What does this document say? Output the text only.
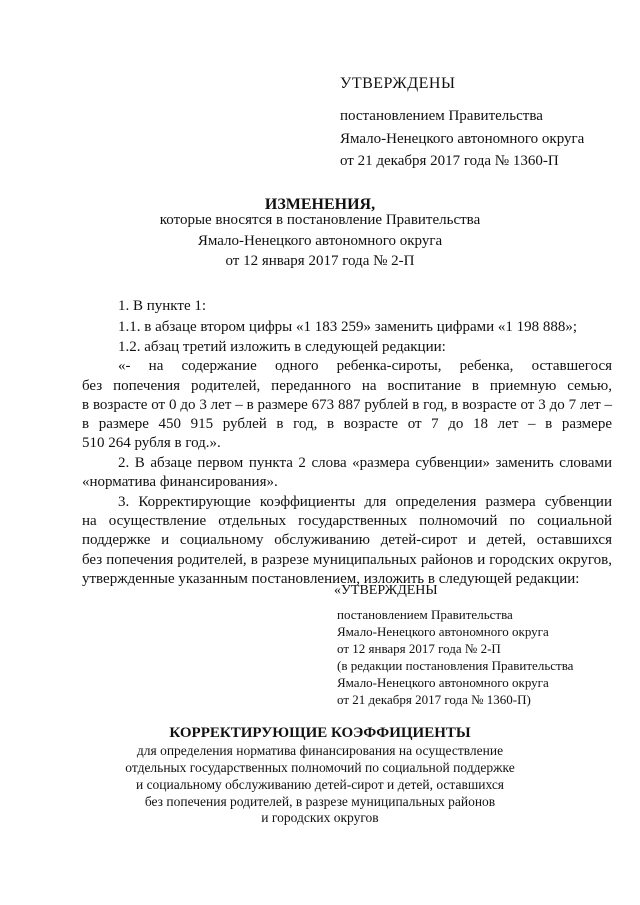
УТВЕРЖДЕНЫ
постановлением Правительства
Ямало-Ненецкого автономного округа
от 21 декабря 2017 года № 1360-П
ИЗМЕНЕНИЯ,
которые вносятся в постановление Правительства
Ямало-Ненецкого автономного округа
от 12 января 2017 года № 2-П
1. В пункте 1:
1.1. в абзаце втором цифры «1 183 259» заменить цифрами «1 198 888»;
1.2. абзац третий изложить в следующей редакции:
«- на содержание одного ребенка-сироты, ребенка, оставшегося
без попечения родителей, переданного на воспитание в приемную семью,
в возрасте от 0 до 3 лет – в размере 673 887 рублей в год, в возрасте от 3 до 7 лет –
в размере 450 915 рублей в год, в возрасте от 7 до 18 лет – в размере
510 264 рубля в год.».
2. В абзаце первом пункта 2 слова «размера субвенции» заменить словами
«норматива финансирования».
3. Корректирующие коэффициенты для определения размера субвенции
на осуществление отдельных государственных полномочий по социальной
поддержке и социальному обслуживанию детей-сирот и детей, оставшихся
без попечения родителей, в разрезе муниципальных районов и городских округов,
утвержденные указанным постановлением, изложить в следующей редакции:
«УТВЕРЖДЕНЫ
постановлением Правительства
Ямало-Ненецкого автономного округа
от 12 января 2017 года № 2-П
(в редакции постановления Правительства
Ямало-Ненецкого автономного округа
от 21 декабря 2017 года № 1360-П)
КОРРЕКТИРУЮЩИЕ КОЭФФИЦИЕНТЫ
для определения норматива финансирования на осуществление
отдельных государственных полномочий по социальной поддержке
и социальному обслуживанию детей-сирот и детей, оставшихся
без попечения родителей, в разрезе муниципальных районов
и городских округов
